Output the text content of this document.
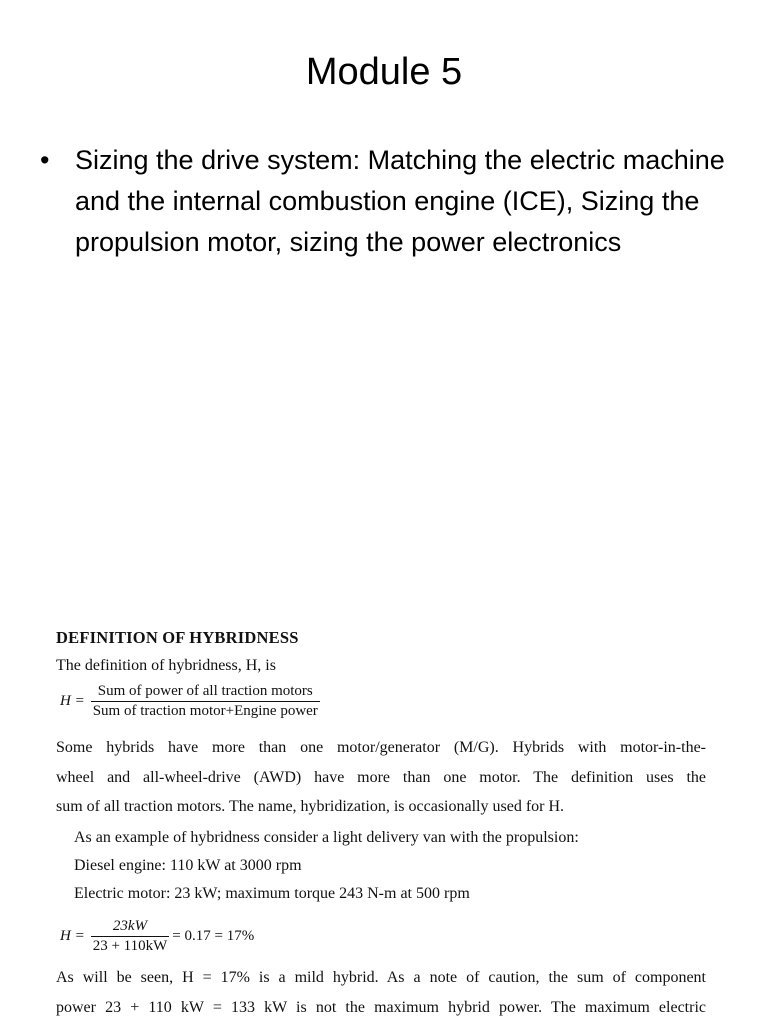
Module 5
• Sizing the drive system: Matching the electric machine and the internal combustion engine (ICE), Sizing the propulsion motor, sizing the power electronics
DEFINITION OF HYBRIDNESS
The definition of hybridness, H, is
$H = \frac{\text{Sum of power of all traction motors}}{\text{Sum of traction motor+Engine power}}$
Some hybrids have more than one motor/generator (M/G). Hybrids with motor-in-the-
wheel and all-wheel-drive (AWD) have more than one motor. The definition uses the
sum of all traction motors. The name, hybridization, is occasionally used for H.
As an example of hybridness consider a light delivery van with the propulsion:
Diesel engine: 110 kW at 3000 rpm
Electric motor: 23 kW; maximum torque 243 N-m at 500 rpm
$H = \frac{23kW}{23 + 110kW} = 0.17 = 17\%$
As will be seen, H = 17% is a mild hybrid. As a note of caution, the sum of component
power 23 + 110 kW = 133 kW is not the maximum hybrid power. The maximum electric
